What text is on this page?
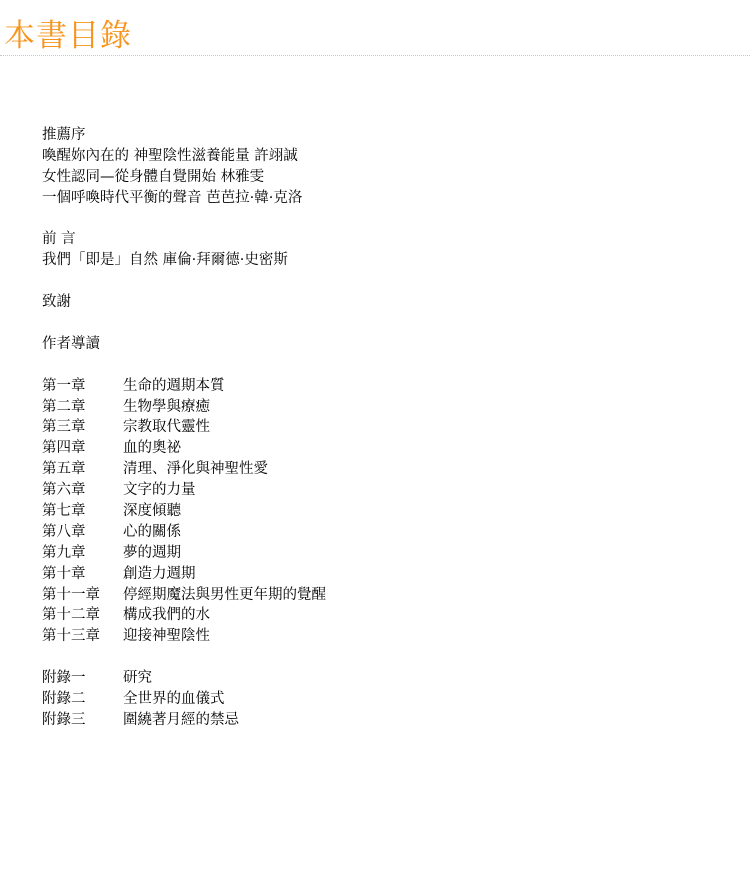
本書目錄
推薦序
喚醒妳內在的 神聖陰性滋養能量 許翊誠
女性認同—從身體自覺開始 林雅雯
一個呼喚時代平衡的聲音 芭芭拉·韓·克洛
前 言
我們「即是」自然 庫倫·拜爾德·史密斯
致謝
作者導讀
第一章	生命的週期本質
第二章	生物學與療癒
第三章	宗教取代靈性
第四章	血的奧祕
第五章	清理、淨化與神聖性愛
第六章	文字的力量
第七章	深度傾聽
第八章	心的關係
第九章	夢的週期
第十章	創造力週期
第十一章	停經期魔法與男性更年期的覺醒
第十二章	構成我們的水
第十三章	迎接神聖陰性
附錄一	研究
附錄二	全世界的血儀式
附錄三	圍繞著月經的禁忌
